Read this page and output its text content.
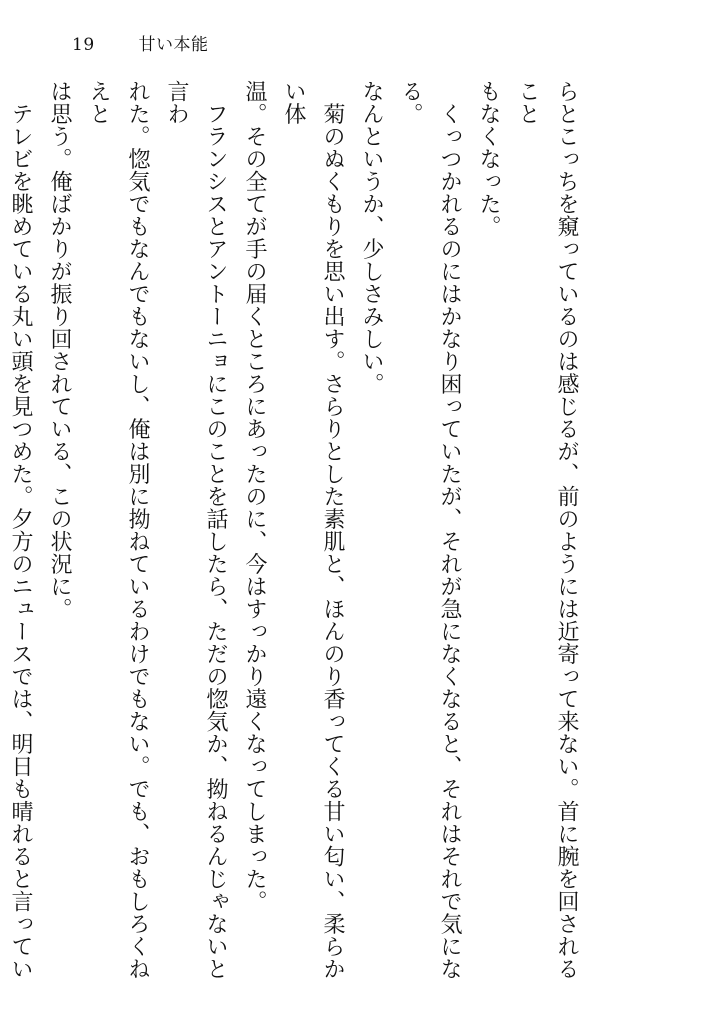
19	甘い本能

らとこっちを窺っているのは感じるが、前のようには近寄って来ない。首に腕を回されること

もなくなった。

　くっつかれるのにはかなり困っていたが、それが急になくなると、それはそれで気になる。

なんというか、少しさみしい。

　菊のぬくもりを思い出す。さらりとした素肌と、ほんのり香ってくる甘い匂い、柔らかい体

温。その全てが手の届くところにあったのに、今はすっかり遠くなってしまった。

　フランシスとアントーニョにこのことを話したら、ただの惚気か、拗ねるんじゃないと言わ

れた。惚気でもなんでもないし、俺は別に拗ねているわけでもない。でも、おもしろくねえと

は思う。俺ばかりが振り回されている、この状況に。

　テレビを眺めている丸い頭を見つめた。夕方のニュースでは、明日も晴れると言ってい
